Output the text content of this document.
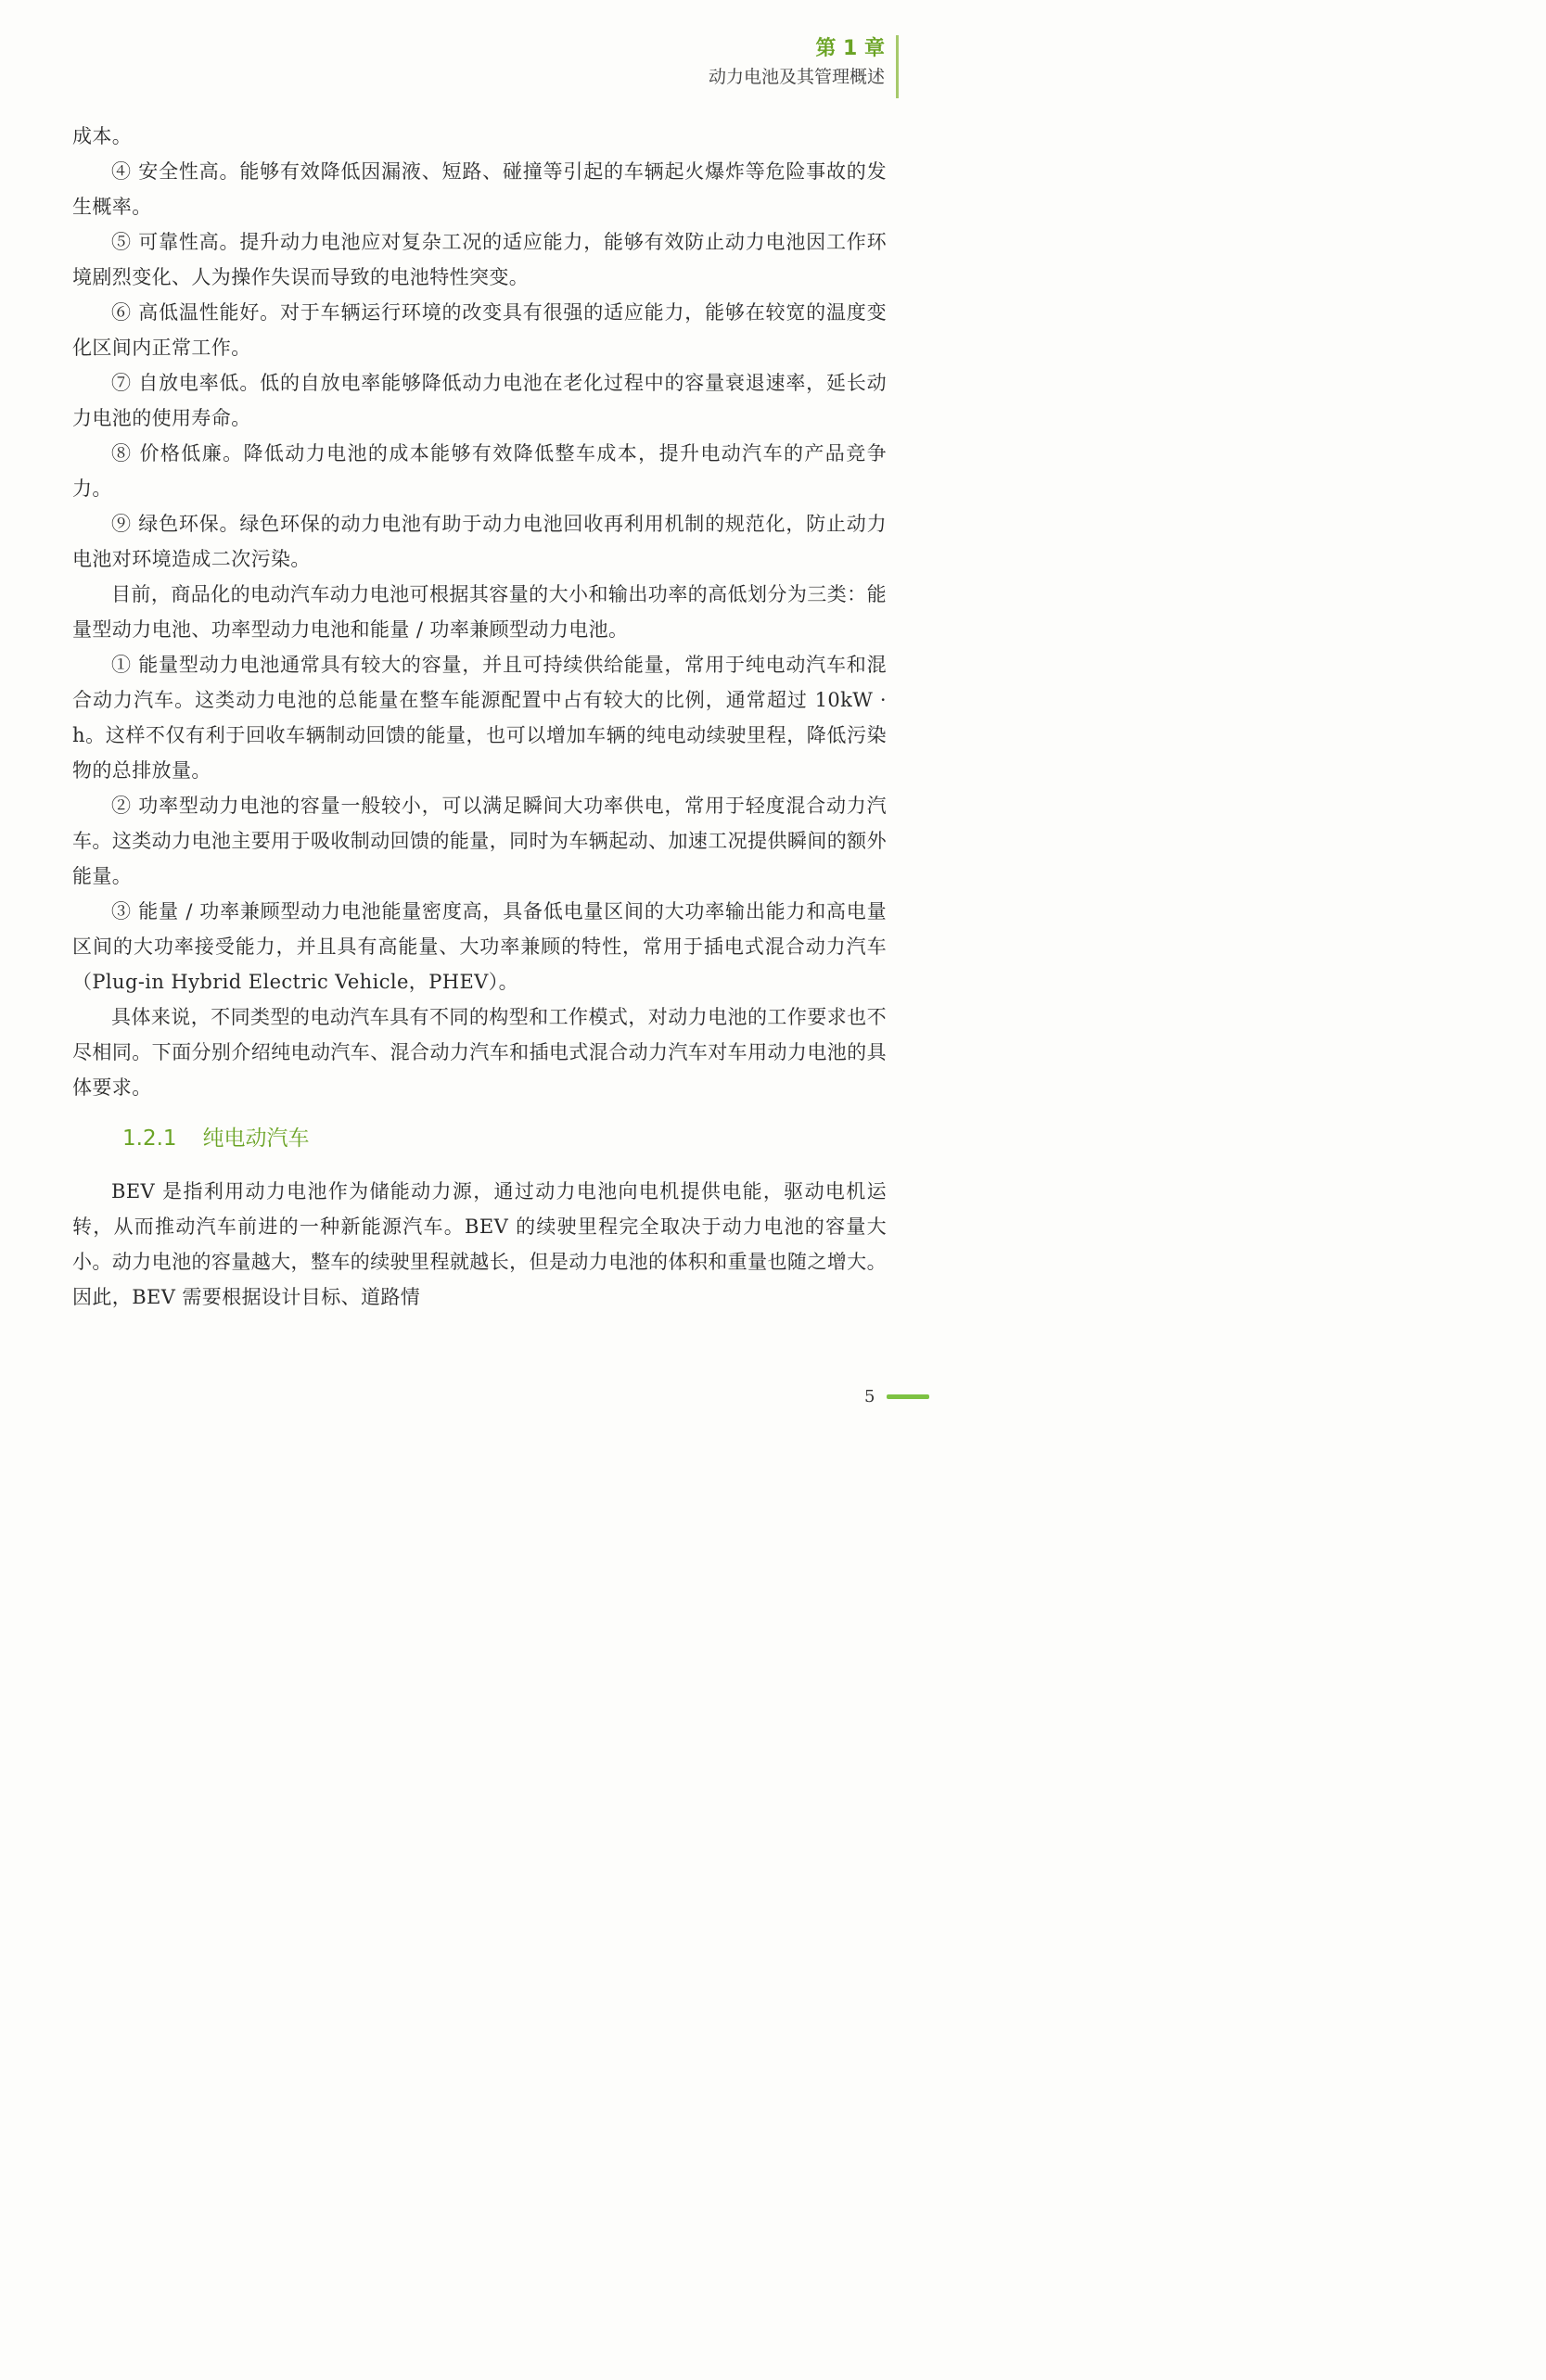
第 1 章
动力电池及其管理概述

成本。

④ 安全性高。能够有效降低因漏液、短路、碰撞等引起的车辆起火爆炸等危险事故的发生概率。

⑤ 可靠性高。提升动力电池应对复杂工况的适应能力，能够有效防止动力电池因工作环境剧烈变化、人为操作失误而导致的电池特性突变。

⑥ 高低温性能好。对于车辆运行环境的改变具有很强的适应能力，能够在较宽的温度变化区间内正常工作。

⑦ 自放电率低。低的自放电率能够降低动力电池在老化过程中的容量衰退速率，延长动力电池的使用寿命。

⑧ 价格低廉。降低动力电池的成本能够有效降低整车成本，提升电动汽车的产品竞争力。

⑨ 绿色环保。绿色环保的动力电池有助于动力电池回收再利用机制的规范化，防止动力电池对环境造成二次污染。

目前，商品化的电动汽车动力电池可根据其容量的大小和输出功率的高低划分为三类：能量型动力电池、功率型动力电池和能量 / 功率兼顾型动力电池。

① 能量型动力电池通常具有较大的容量，并且可持续供给能量，常用于纯电动汽车和混合动力汽车。这类动力电池的总能量在整车能源配置中占有较大的比例，通常超过 10kW · h。这样不仅有利于回收车辆制动回馈的能量，也可以增加车辆的纯电动续驶里程，降低污染物的总排放量。

② 功率型动力电池的容量一般较小，可以满足瞬间大功率供电，常用于轻度混合动力汽车。这类动力电池主要用于吸收制动回馈的能量，同时为车辆起动、加速工况提供瞬间的额外能量。

③ 能量 / 功率兼顾型动力电池能量密度高，具备低电量区间的大功率输出能力和高电量区间的大功率接受能力，并且具有高能量、大功率兼顾的特性，常用于插电式混合动力汽车（Plug-in Hybrid Electric Vehicle，PHEV）。

具体来说，不同类型的电动汽车具有不同的构型和工作模式，对动力电池的工作要求也不尽相同。下面分别介绍纯电动汽车、混合动力汽车和插电式混合动力汽车对车用动力电池的具体要求。

1.2.1 纯电动汽车

BEV 是指利用动力电池作为储能动力源，通过动力电池向电机提供电能，驱动电机运转，从而推动汽车前进的一种新能源汽车。BEV 的续驶里程完全取决于动力电池的容量大小。动力电池的容量越大，整车的续驶里程就越长，但是动力电池的体积和重量也随之增大。因此，BEV 需要根据设计目标、道路情

5
